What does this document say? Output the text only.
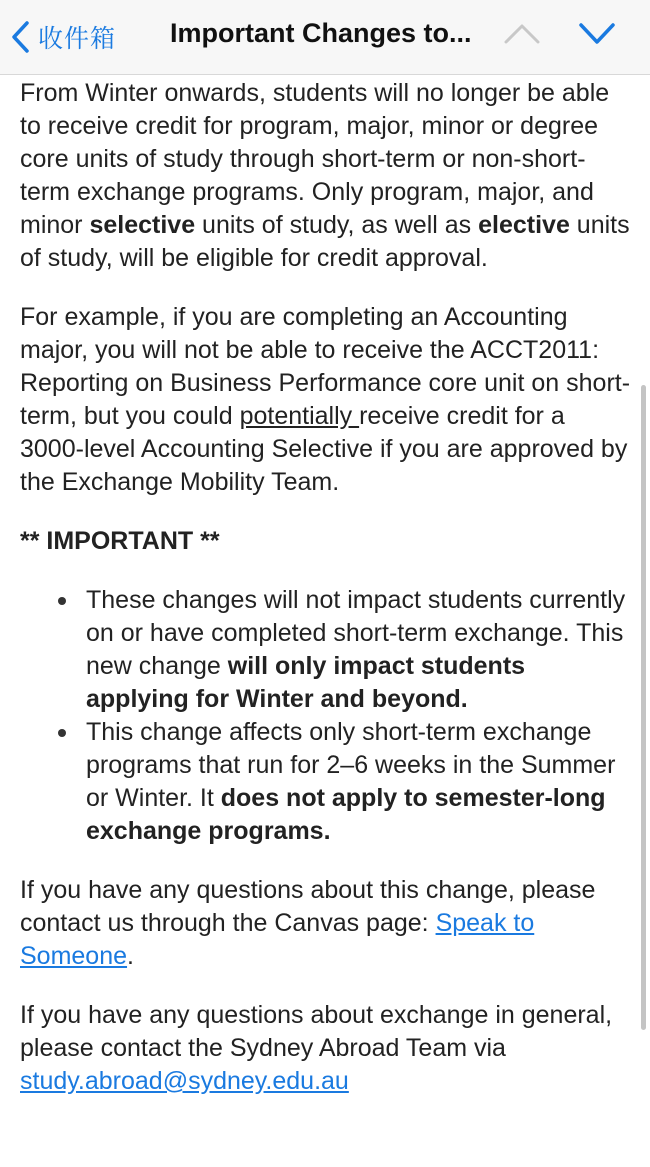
收件箱 Important Changes to...

From Winter onwards, students will no longer be able to receive credit for program, major, minor or degree core units of study through short-term or non-short-term exchange programs. Only program, major, and minor selective units of study, as well as elective units of study, will be eligible for credit approval.

For example, if you are completing an Accounting major, you will not be able to receive the ACCT2011: Reporting on Business Performance core unit on short-term, but you could potentially receive credit for a 3000-level Accounting Selective if you are approved by the Exchange Mobility Team.

** IMPORTANT **

These changes will not impact students currently on or have completed short-term exchange. This new change will only impact students applying for Winter and beyond.
This change affects only short-term exchange programs that run for 2–6 weeks in the Summer or Winter. It does not apply to semester-long exchange programs.

If you have any questions about this change, please contact us through the Canvas page: Speak to Someone.

If you have any questions about exchange in general, please contact the Sydney Abroad Team via study.abroad@sydney.edu.au
